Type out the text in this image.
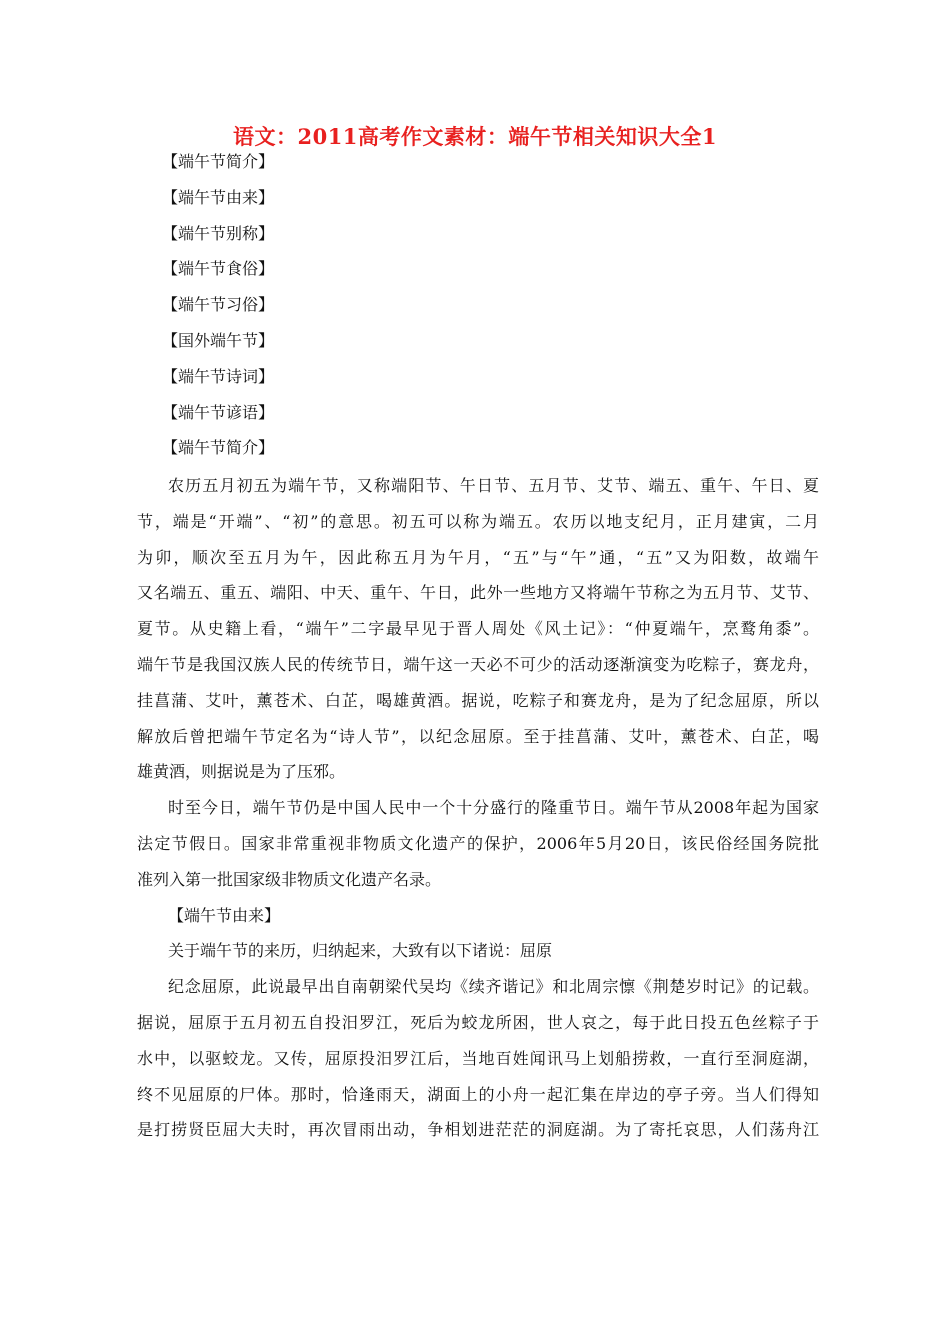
语文：2011高考作文素材：端午节相关知识大全1
【端午节简介】
【端午节由来】
【端午节别称】
【端午节食俗】
【端午节习俗】
【国外端午节】
【端午节诗词】
【端午节谚语】
【端午节简介】
农历五月初五为端午节，又称端阳节、午日节、五月节、艾节、端五、重午、午日、夏
节，端是“开端”、“初”的意思。初五可以称为端五。农历以地支纪月，正月建寅，二月
为卯，顺次至五月为午，因此称五月为午月，“五”与“午”通，“五”又为阳数，故端午
又名端五、重五、端阳、中天、重午、午日，此外一些地方又将端午节称之为五月节、艾节、
夏节。从史籍上看，“端午”二字最早见于晋人周处《风土记》：“仲夏端午，烹鹜角黍”。
端午节是我国汉族人民的传统节日，端午这一天必不可少的活动逐渐演变为吃粽子，赛龙舟，
挂菖蒲、艾叶，薰苍术、白芷，喝雄黄酒。据说，吃粽子和赛龙舟，是为了纪念屈原，所以
解放后曾把端午节定名为“诗人节”，以纪念屈原。至于挂菖蒲、艾叶，薰苍术、白芷，喝
雄黄酒，则据说是为了压邪。
时至今日，端午节仍是中国人民中一个十分盛行的隆重节日。端午节从2008年起为国家
法定节假日。国家非常重视非物质文化遗产的保护，2006年5月20日，该民俗经国务院批
准列入第一批国家级非物质文化遗产名录。
【端午节由来】
关于端午节的来历，归纳起来，大致有以下诸说：屈原
纪念屈原，此说最早出自南朝梁代吴均《续齐谐记》和北周宗懔《荆楚岁时记》的记载。
据说，屈原于五月初五自投汨罗江，死后为蛟龙所困，世人哀之，每于此日投五色丝粽子于
水中，以驱蛟龙。又传，屈原投汨罗江后，当地百姓闻讯马上划船捞救，一直行至洞庭湖，
终不见屈原的尸体。那时，恰逢雨天，湖面上的小舟一起汇集在岸边的亭子旁。当人们得知
是打捞贤臣屈大夫时，再次冒雨出动，争相划进茫茫的洞庭湖。为了寄托哀思，人们荡舟江
